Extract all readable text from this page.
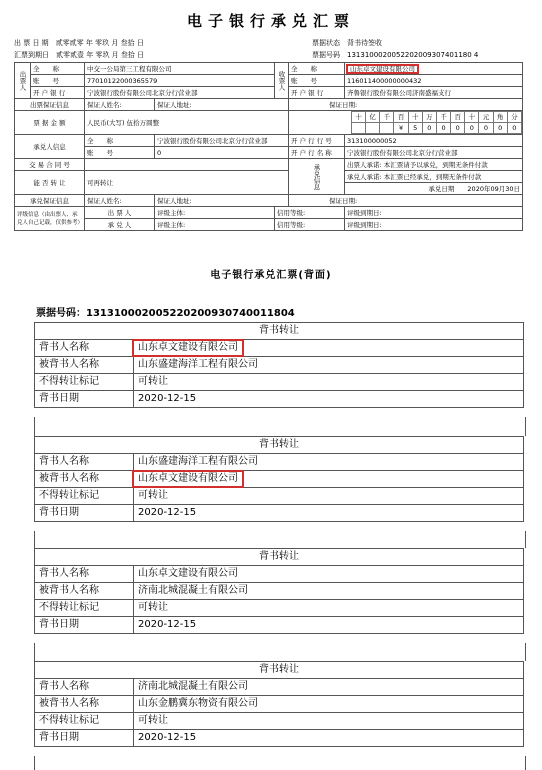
电子银行承兑汇票
出 票 日 期　 贰零贰零 年 零玖 月 叁拾 日
汇票到期日　 贰零贰壹 年 零玖 月 叁拾 日
票据状态　 背书待签收
票据号码　 1313100020052202009307401180 4
出票人	全　　称	中交一公局第三工程有限公司	收票人	全　　称	山东卓文建设有限公司
账　　号	77010122000365579	账　　号	116011400000000432
开 户 银 行	宁波银行股份有限公司北京分行营业部	开 户 银 行	齐鲁银行股份有限公司济南盛福支行
出票保证信息	保证人姓名:	保证人地址:	保证日期:
票 据 金 额	人民币(大写) 伍拾万圆整	
十	亿	千	百	十	万	千	百	十	元	角	分
			¥	5	0	0	0	0	0	0	0

承兑人信息	全　　称	宁波银行股份有限公司北京分行营业部	开 户 行 行 号	313100000052
账　　号	0	开 户 行 名 称	宁波银行股份有限公司北京分行营业部
交 易 合 同 号		承兑信息	出票人承诺: 本汇票请予以承兑，到期无条件付款
能 否 转 让	可再转让	承兑人承诺: 本汇票已经承兑，到期无条件付款
承兑日期　　 2020年09月30日
承兑保证信息	保证人姓名:	保证人地址:	保证日期:
评级信息（由出票人、承兑人自己记载，仅供参考）	出 票 人	评级主体:	信用等级:	评级到期日:
承 兑 人	评级主体:	信用等级:	评级到期日:
电子银行承兑汇票(背面)
票据号码：131310002005220200930740011804
背书转让	
背书人名称	山东卓文建设有限公司
被背书人名称	山东盛建海洋工程有限公司
不得转让标记	可转让
背书日期	2020-12-15
背书转让	
背书人名称	山东盛建海洋工程有限公司
被背书人名称	山东卓文建设有限公司
不得转让标记	可转让
背书日期	2020-12-15
背书转让	
背书人名称	山东卓文建设有限公司
被背书人名称	济南北城混凝土有限公司
不得转让标记	可转让
背书日期	2020-12-15
背书转让	
背书人名称	济南北城混凝土有限公司
被背书人名称	山东金鹏冀东物资有限公司
不得转让标记	可转让
背书日期	2020-12-15
